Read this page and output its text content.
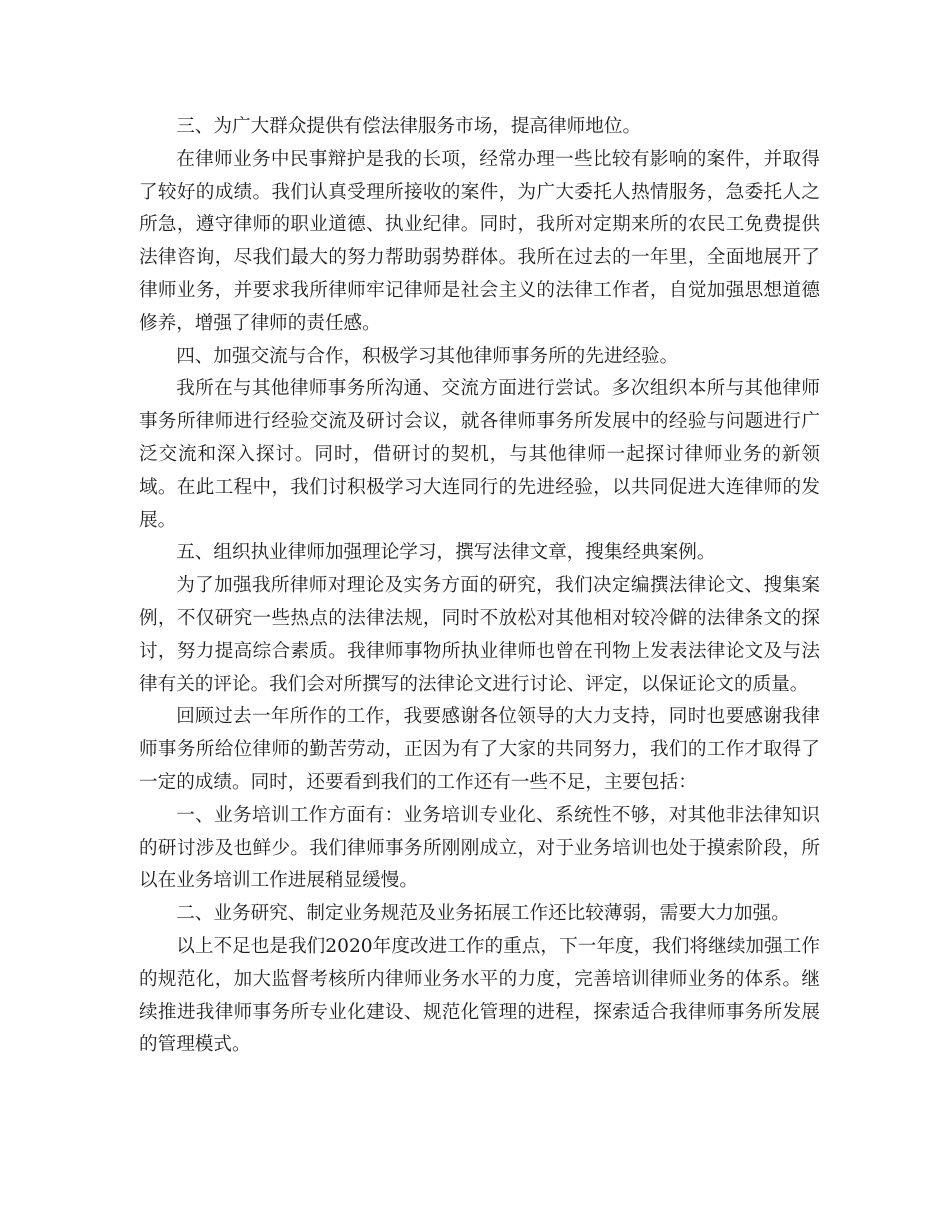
三、为广大群众提供有偿法律服务市场，提高律师地位。

在律师业务中民事辩护是我的长项，经常办理一些比较有影响的案件，并取得了较好的成绩。我们认真受理所接收的案件，为广大委托人热情服务，急委托人之所急，遵守律师的职业道德、执业纪律。同时，我所对定期来所的农民工免费提供法律咨询，尽我们最大的努力帮助弱势群体。我所在过去的一年里，全面地展开了律师业务，并要求我所律师牢记律师是社会主义的法律工作者，自觉加强思想道德修养，增强了律师的责任感。

四、加强交流与合作，积极学习其他律师事务所的先进经验。

我所在与其他律师事务所沟通、交流方面进行尝试。多次组织本所与其他律师事务所律师进行经验交流及研讨会议，就各律师事务所发展中的经验与问题进行广泛交流和深入探讨。同时，借研讨的契机，与其他律师一起探讨律师业务的新领域。在此工程中，我们讨积极学习大连同行的先进经验，以共同促进大连律师的发展。

五、组织执业律师加强理论学习，撰写法律文章，搜集经典案例。

为了加强我所律师对理论及实务方面的研究，我们决定编撰法律论文、搜集案例，不仅研究一些热点的法律法规，同时不放松对其他相对较冷僻的法律条文的探讨，努力提高综合素质。我律师事物所执业律师也曾在刊物上发表法律论文及与法律有关的评论。我们会对所撰写的法律论文进行讨论、评定，以保证论文的质量。

回顾过去一年所作的工作，我要感谢各位领导的大力支持，同时也要感谢我律师事务所给位律师的勤苦劳动，正因为有了大家的共同努力，我们的工作才取得了一定的成绩。同时，还要看到我们的工作还有一些不足，主要包括：

一、业务培训工作方面有：业务培训专业化、系统性不够，对其他非法律知识的研讨涉及也鲜少。我们律师事务所刚刚成立，对于业务培训也处于摸索阶段，所以在业务培训工作进展稍显缓慢。

二、业务研究、制定业务规范及业务拓展工作还比较薄弱，需要大力加强。

以上不足也是我们2020年度改进工作的重点，下一年度，我们将继续加强工作的规范化，加大监督考核所内律师业务水平的力度，完善培训律师业务的体系。继续推进我律师事务所专业化建设、规范化管理的进程，探索适合我律师事务所发展的管理模式。
